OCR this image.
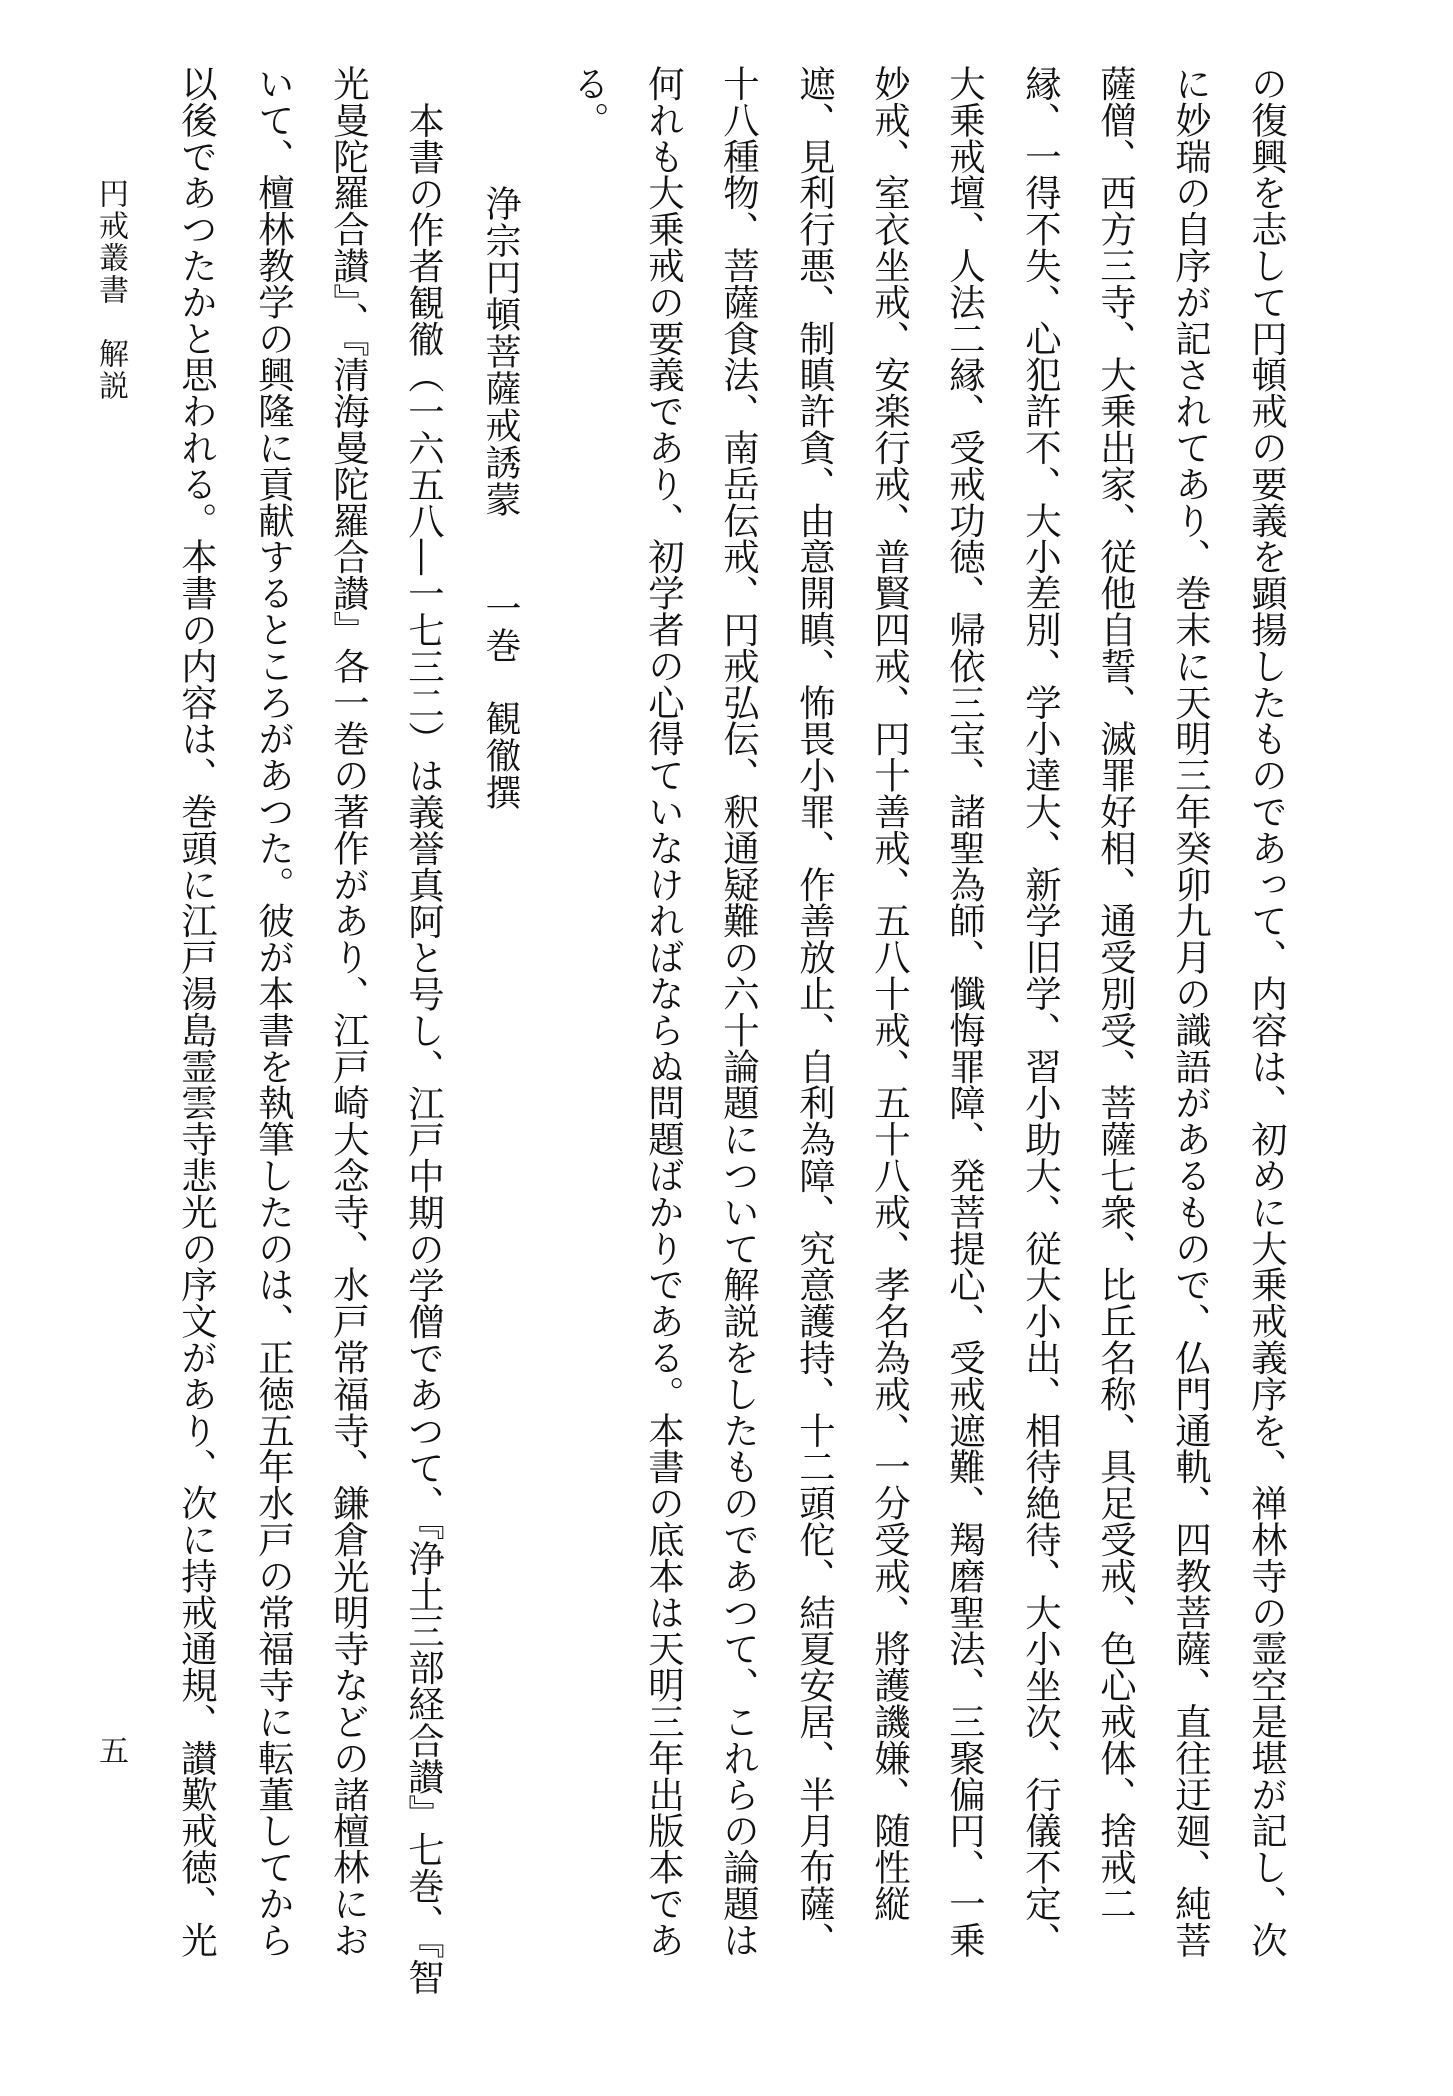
の復興を志して円頓戒の要義を顕揚したものであって、内容は、初めに大乗戒義序を、禅林寺の霊空是堪が記し、次
に妙瑞の自序が記されてあり、巻末に天明三年癸卯九月の識語があるもので、仏門通軌、四教菩薩、直往迂廻、純菩
薩僧、西方三寺、大乗出家、従他自誓、滅罪好相、通受別受、菩薩七衆、比丘名称、具足受戒、色心戒体、捨戒二
縁、一得不失、心犯許不、大小差別、学小達大、新学旧学、習小助大、従大小出、相待絶待、大小坐次、行儀不定、
大乗戒壇、人法二縁、受戒功徳、帰依三宝、諸聖為師、懺悔罪障、発菩提心、受戒遮難、羯磨聖法、三聚偏円、一乗
妙戒、室衣坐戒、安楽行戒、普賢四戒、円十善戒、五八十戒、五十八戒、孝名為戒、一分受戒、將護譏嫌、随性縦
遮、見利行悪、制瞋許貪、由意開瞋、怖畏小罪、作善放止、自利為障、究意護持、十二頭佗、結夏安居、半月布薩、
十八種物、菩薩食法、南岳伝戒、円戒弘伝、釈通疑難の六十論題について解説をしたものであつて、これらの論題は
何れも大乗戒の要義であり、初学者の心得ていなければならぬ問題ばかりである。本書の底本は天明三年出版本であ
る。
浄宗円頓菩薩戒誘蒙一巻観徹撰
本書の作者観徹（一六五八―一七三二）は義誉真阿と号し、江戸中期の学僧であつて、『浄土三部経合讃』七巻、『智
光曼陀羅合讃』、『清海曼陀羅合讃』各一巻の著作があり、江戸崎大念寺、水戸常福寺、鎌倉光明寺などの諸檀林にお
いて、檀林教学の興隆に貢献するところがあつた。彼が本書を執筆したのは、正徳五年水戸の常福寺に転董してから
以後であつたかと思われる。本書の内容は、巻頭に江戸湯島霊雲寺悲光の序文があり、次に持戒通規、讃歎戒徳、光
円戒叢書　解説
五
